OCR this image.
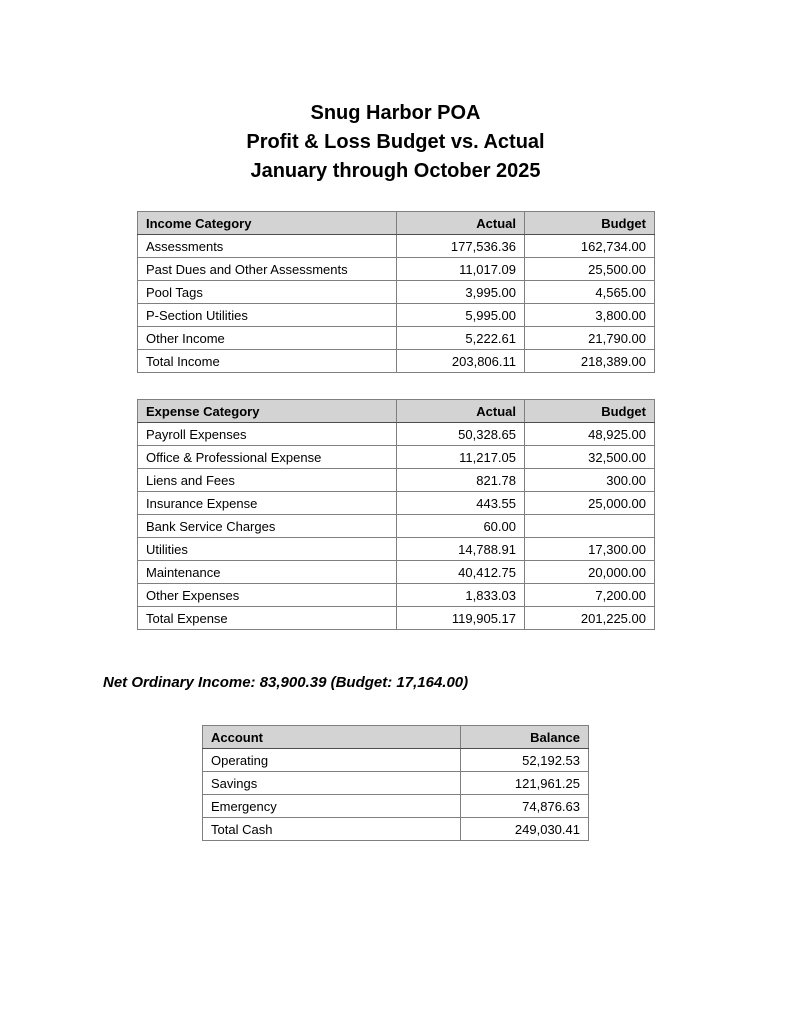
Snug Harbor POA
Profit & Loss Budget vs. Actual
January through October 2025
Income Category	Actual	Budget
Assessments	177,536.36	162,734.00
Past Dues and Other Assessments	11,017.09	25,500.00
Pool Tags	3,995.00	4,565.00
P-Section Utilities	5,995.00	3,800.00
Other Income	5,222.61	21,790.00
Total Income	203,806.11	218,389.00
Expense Category	Actual	Budget
Payroll Expenses	50,328.65	48,925.00
Office & Professional Expense	11,217.05	32,500.00
Liens and Fees	821.78	300.00
Insurance Expense	443.55	25,000.00
Bank Service Charges	60.00	
Utilities	14,788.91	17,300.00
Maintenance	40,412.75	20,000.00
Other Expenses	1,833.03	7,200.00
Total Expense	119,905.17	201,225.00
Net Ordinary Income: 83,900.39 (Budget: 17,164.00)
Account	Balance
Operating	52,192.53
Savings	121,961.25
Emergency	74,876.63
Total Cash	249,030.41
